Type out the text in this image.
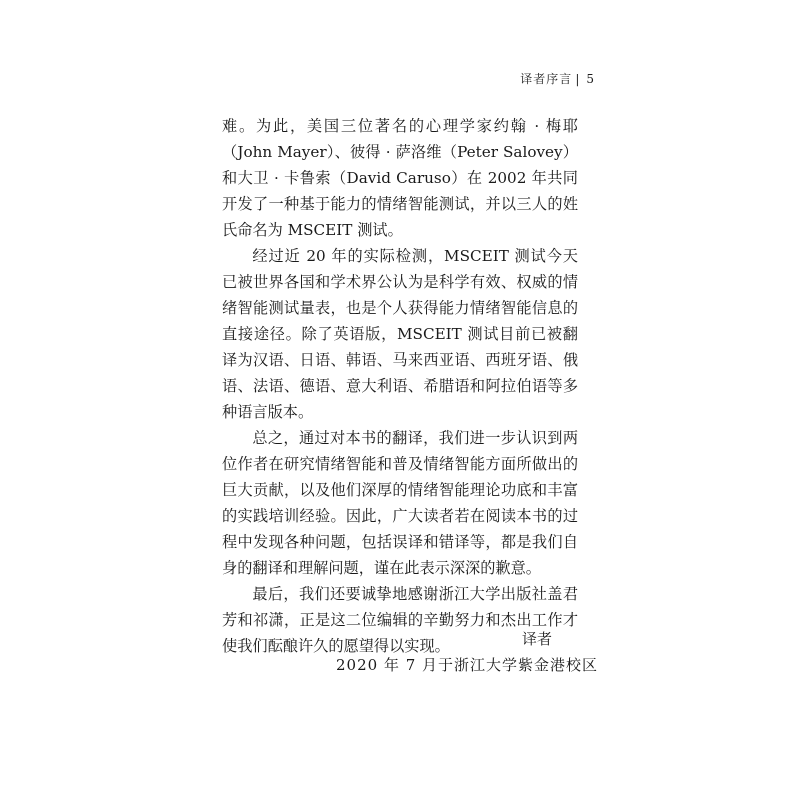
译者序言 | 5

难。为此，美国三位著名的心理学家约翰 · 梅耶（John Mayer）、彼得 · 萨洛维（Peter Salovey）和大卫 · 卡鲁索（David Caruso）在 2002 年共同开发了一种基于能力的情绪智能测试，并以三人的姓氏命名为 MSCEIT 测试。

经过近 20 年的实际检测，MSCEIT 测试今天已被世界各国和学术界公认为是科学有效、权威的情绪智能测试量表，也是个人获得能力情绪智能信息的直接途径。除了英语版，MSCEIT 测试目前已被翻译为汉语、日语、韩语、马来西亚语、西班牙语、俄语、法语、德语、意大利语、希腊语和阿拉伯语等多种语言版本。

总之，通过对本书的翻译，我们进一步认识到两位作者在研究情绪智能和普及情绪智能方面所做出的巨大贡献，以及他们深厚的情绪智能理论功底和丰富的实践培训经验。因此，广大读者若在阅读本书的过程中发现各种问题，包括误译和错译等，都是我们自身的翻译和理解问题，谨在此表示深深的歉意。

最后，我们还要诚挚地感谢浙江大学出版社盖君芳和祁潇，正是这二位编辑的辛勤努力和杰出工作才使我们酝酿许久的愿望得以实现。	译者
2020 年 7 月于浙江大学紫金港校区
